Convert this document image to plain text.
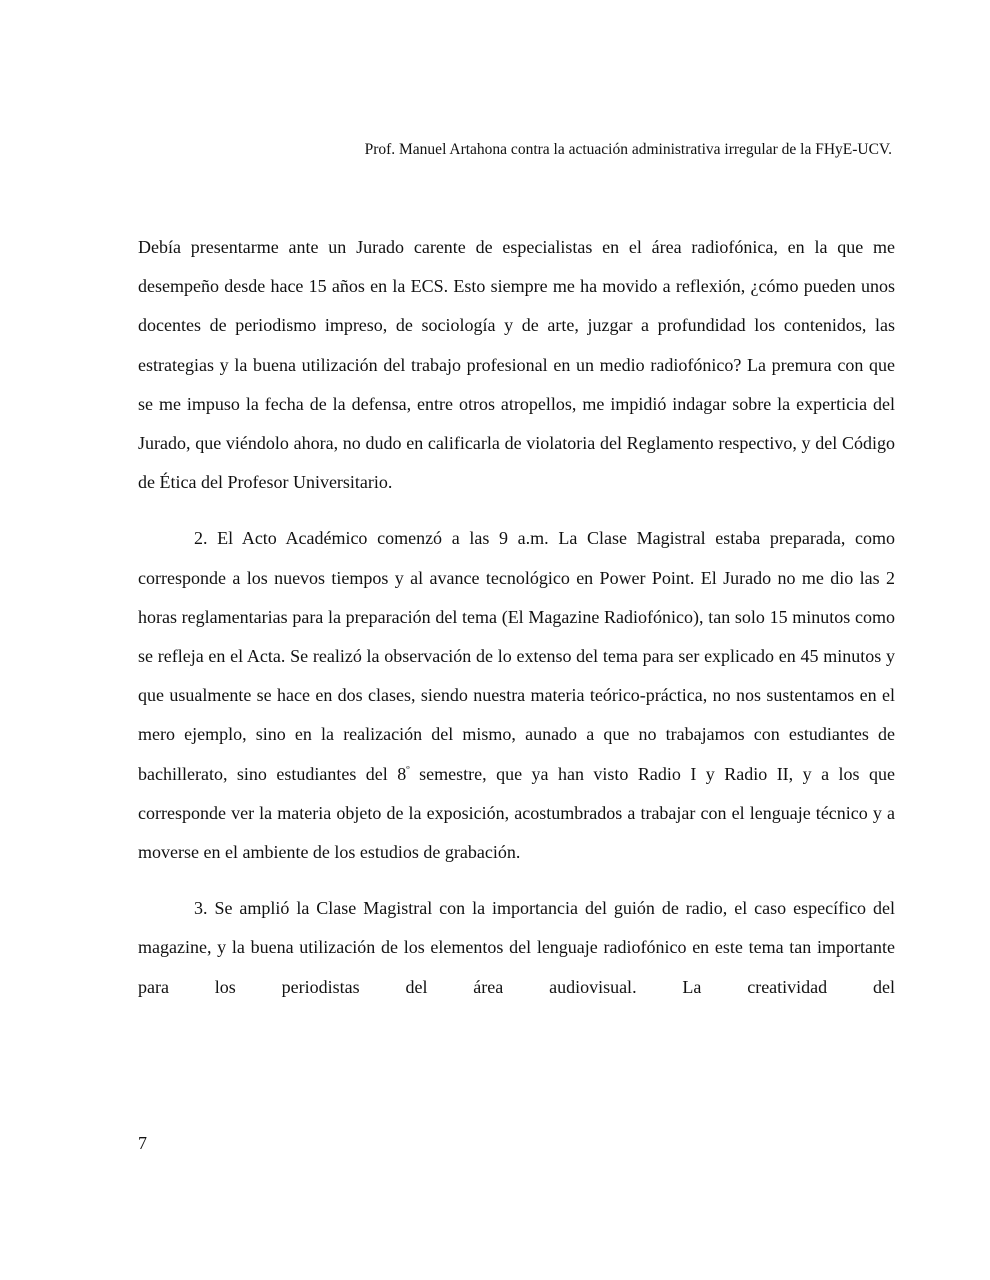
Prof. Manuel Artahona contra la actuación administrativa irregular de la FHyE-UCV.

Debía presentarme ante un Jurado carente de especialistas en el área radiofónica, en la que me desempeño desde hace 15 años en la ECS. Esto siempre me ha movido a reflexión, ¿cómo pueden unos docentes de periodismo impreso, de sociología y de arte, juzgar a profundidad los contenidos, las estrategias y la buena utilización del trabajo profesional en un medio radiofónico? La premura con que se me impuso la fecha de la defensa, entre otros atropellos, me impidió indagar sobre la experticia del Jurado, que viéndolo ahora, no dudo en calificarla de violatoria del Reglamento respectivo, y del Código de Ética del Profesor Universitario.

2. El Acto Académico comenzó a las 9 a.m. La Clase Magistral estaba preparada, como corresponde a los nuevos tiempos y al avance tecnológico en Power Point. El Jurado no me dio las 2 horas reglamentarias para la preparación del tema (El Magazine Radiofónico), tan solo 15 minutos como se refleja en el Acta. Se realizó la observación de lo extenso del tema para ser explicado en 45 minutos y que usualmente se hace en dos clases, siendo nuestra materia teórico-práctica, no nos sustentamos en el mero ejemplo, sino en la realización del mismo, aunado a que no trabajamos con estudiantes de bachillerato, sino estudiantes del $8^º$ semestre, que ya han visto Radio I y Radio II, y a los que corresponde ver la materia objeto de la exposición, acostumbrados a trabajar con el lenguaje técnico y a moverse en el ambiente de los estudios de grabación.

3. Se amplió la Clase Magistral con la importancia del guión de radio, el caso específico del magazine, y la buena utilización de los elementos del lenguaje radiofónico en este tema tan importante para los periodistas del área audiovisual. La creatividad del

7
